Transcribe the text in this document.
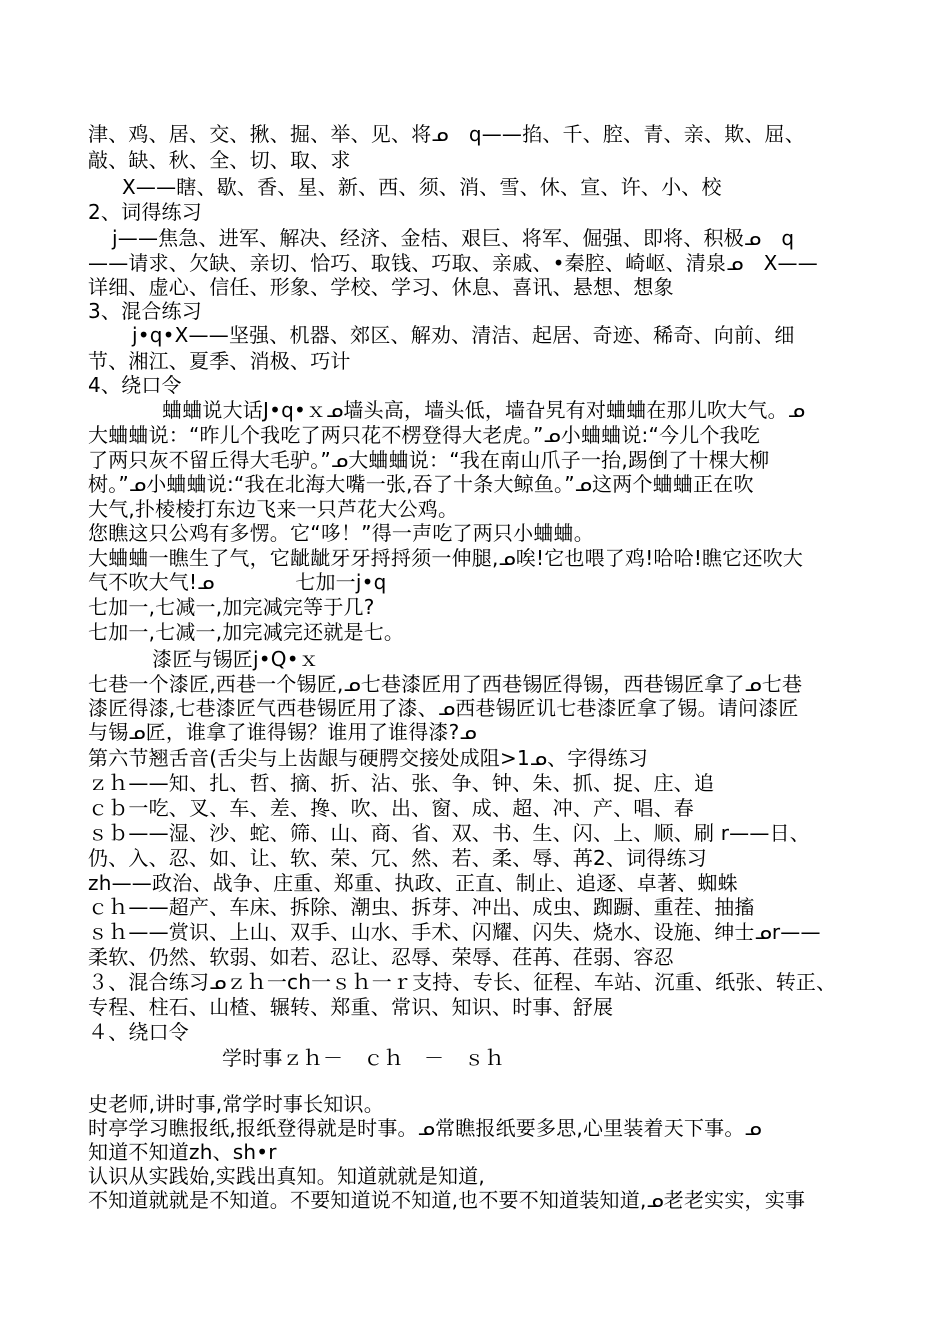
津、鸡、居、交、揪、掘、举、见、将ᓄ　q——掐、千、腔、青、亲、欺、屈、

敲、缺、秋、全、切、取、求

X——瞎、歇、香、星、新、西、须、消、雪、休、宣、许、小、校

2、词得练习

j——焦急、进军、解决、经济、金桔、艰巨、将军、倔强、即将、积极ᓄ　q

——请求、欠缺、亲切、恰巧、取钱、巧取、亲戚、•秦腔、崎岖、清泉ᓄ　X——

详细、虚心、信任、形象、学校、学习、休息、喜讯、悬想、想象

3、混合练习

j•q•X——坚强、机器、郊区、解劝、清洁、起居、奇迹、稀奇、向前、细

节、湘江、夏季、消极、巧计

4、绕口令

蛐蛐说大话J•q•ｘᓄ墙头高，墙头低，墙旮旯有对蛐蛐在那儿吹大气。ᓄ

大蛐蛐说：“昨儿个我吃了两只花不楞登得大老虎。”ᓄ小蛐蛐说:“今儿个我吃

了两只灰不留丘得大毛驴。”ᓄ大蛐蛐说：“我在南山爪子一抬,踢倒了十棵大柳

树。”ᓄ小蛐蛐说:“我在北海大嘴一张,吞了十条大鲸鱼。”ᓄ这两个蛐蛐正在吹

大气,扑棱棱打东边飞来一只芦花大公鸡。

您瞧这只公鸡有多愣。它“哆！”得一声吃了两只小蛐蛐。

大蛐蛐一瞧生了气，它龇龇牙牙捋捋须一伸腿,ᓄ唉!它也喂了鸡!哈哈!瞧它还吹大

气不吹大气!ᓄ　　　　七加一j•q

七加一,七减一,加完减完等于几?

七加一,七减一,加完减完还就是七。

漆匠与锡匠j•Q•ｘ

七巷一个漆匠,西巷一个锡匠,ᓄ七巷漆匠用了西巷锡匠得锡，西巷锡匠拿了ᓄ七巷

漆匠得漆,七巷漆匠气西巷锡匠用了漆、ᓄ西巷锡匠讥七巷漆匠拿了锡。请问漆匠

与锡ᓄ匠，谁拿了谁得锡？谁用了谁得漆?ᓄ

第六节翘舌音(舌尖与上齿龈与硬腭交接处成阻>1ᓄ、字得练习

ｚｈ——知、扎、哲、摘、折、沾、张、争、钟、朱、抓、捉、庄、追

ｃｂ一吃、叉、车、差、搀、吹、出、窗、成、超、冲、产、唱、春

ｓｂ——湿、沙、蛇、筛、山、商、省、双、书、生、闪、上、顺、刷 r——日、

仍、入、忍、如、让、软、荣、冗、然、若、柔、辱、苒2、词得练习

zh——政治、战争、庄重、郑重、执政、正直、制止、追逐、卓著、蜘蛛

ｃｈ——超产、车床、拆除、潮虫、拆芽、冲出、成虫、踟蹰、重茬、抽搐

ｓｈ——赏识、上山、双手、山水、手术、闪耀、闪失、烧水、设施、绅士ᓄr——

柔软、仍然、软弱、如若、忍让、忍辱、荣辱、荏苒、荏弱、容忍

３、混合练习ᓄｚｈ一ch一ｓｈ一ｒ支持、专长、征程、车站、沉重、纸张、转正、

专程、柱石、山楂、辗转、郑重、常识、知识、时事、舒展

４、绕口令

学时事ｚｈ－　ｃｈ　－　ｓｈ

史老师,讲时事,常学时事长知识。

时亭学习瞧报纸,报纸登得就是时事。ᓄ常瞧报纸要多思,心里装着天下事。ᓄ

知道不知道zh、sh•r

认识从实践始,实践出真知。知道就就是知道,

不知道就就是不知道。不要知道说不知道,也不要不知道装知道,ᓄ老老实实，实事
